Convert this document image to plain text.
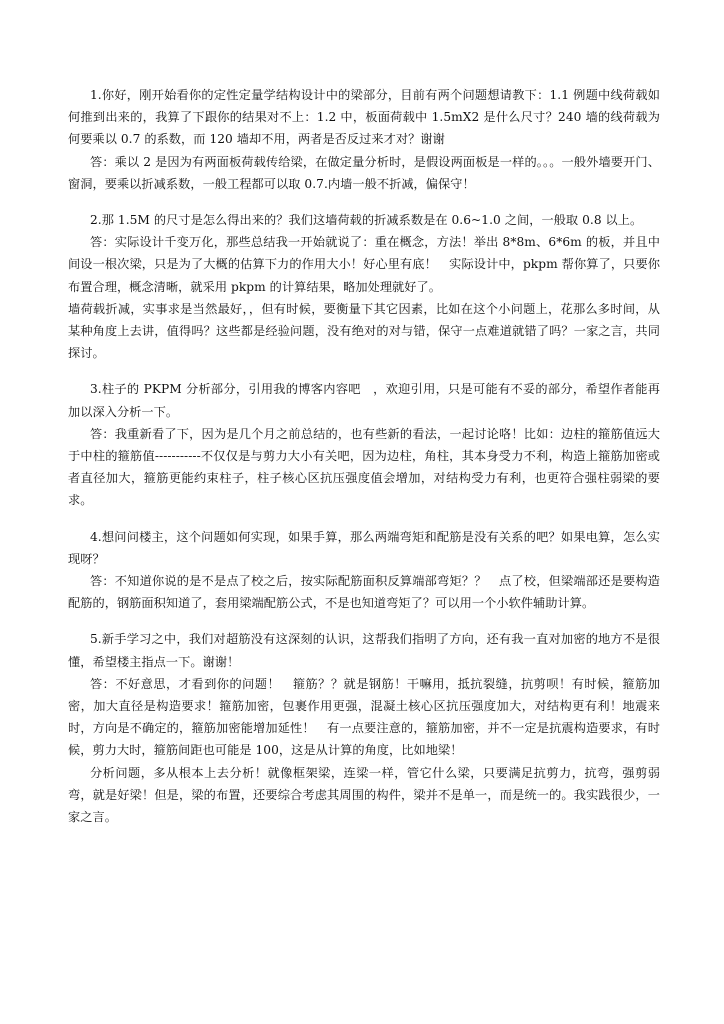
1.你好，刚开始看你的定性定量学结构设计中的梁部分，目前有两个问题想请教下：1.1 例题中线荷载如何推到出来的，我算了下跟你的结果对不上：1.2 中，板面荷载中 1.5mX2 是什么尺寸？240 墙的线荷载为何要乘以 0.7 的系数，而 120 墙却不用，两者是否反过来才对？谢谢

答：乘以 2 是因为有两面板荷载传给梁，在做定量分析时，是假设两面板是一样的。。。一般外墙要开门、窗洞，要乘以折减系数，一般工程都可以取 0.7.内墙一般不折减，偏保守！

2.那 1.5M 的尺寸是怎么得出来的？我们这墙荷载的折减系数是在 0.6~1.0 之间，一般取 0.8 以上。

答：实际设计千变万化，那些总结我一开始就说了：重在概念，方法！举出 8*8m、6*6m 的板，并且中间设一根次梁，只是为了大概的估算下力的作用大小！好心里有底！　实际设计中，pkpm 帮你算了，只要你布置合理，概念清晰，就采用 pkpm 的计算结果，略加处理就好了。

墙荷载折减，实事求是当然最好，，但有时候，要衡量下其它因素，比如在这个小问题上，花那么多时间，从某种角度上去讲，值得吗？这些都是经验问题，没有绝对的对与错，保守一点难道就错了吗？一家之言，共同探讨。

3.柱子的 PKPM 分析部分，引用我的博客内容吧　，欢迎引用，只是可能有不妥的部分，希望作者能再加以深入分析一下。

答：我重新看了下，因为是几个月之前总结的，也有些新的看法，一起讨论咯！比如：边柱的箍筋值远大于中柱的箍筋值-----------不仅仅是与剪力大小有关吧，因为边柱，角柱，其本身受力不利，构造上箍筋加密或者直径加大，箍筋更能约束柱子，柱子核心区抗压强度值会增加，对结构受力有利，也更符合强柱弱梁的要求。

4.想问问楼主，这个问题如何实现，如果手算，那么两端弯矩和配筋是没有关系的吧？如果电算，怎么实现呀？

答：不知道你说的是不是点了校之后，按实际配筋面积反算端部弯矩？？　点了校，但梁端部还是要构造配筋的，钢筋面积知道了，套用梁端配筋公式，不是也知道弯矩了？可以用一个小软件辅助计算。

5.新手学习之中，我们对超筋没有这深刻的认识，这帮我们指明了方向，还有我一直对加密的地方不是很懂，希望楼主指点一下。谢谢！

答：不好意思，才看到你的问题！　箍筋？？就是钢筋！干嘛用，抵抗裂缝，抗剪呗！有时候，箍筋加密，加大直径是构造要求！箍筋加密，包裹作用更强，混凝土核心区抗压强度加大，对结构更有利！地震来时，方向是不确定的，箍筋加密能增加延性！　有一点要注意的，箍筋加密，并不一定是抗震构造要求，有时候，剪力大时，箍筋间距也可能是 100，这是从计算的角度，比如地梁！

分析问题，多从根本上去分析！就像框架梁，连梁一样，管它什么梁，只要满足抗剪力，抗弯，强剪弱弯，就是好梁！但是，梁的布置，还要综合考虑其周围的构件，梁并不是单一，而是统一的。我实践很少，一家之言。
